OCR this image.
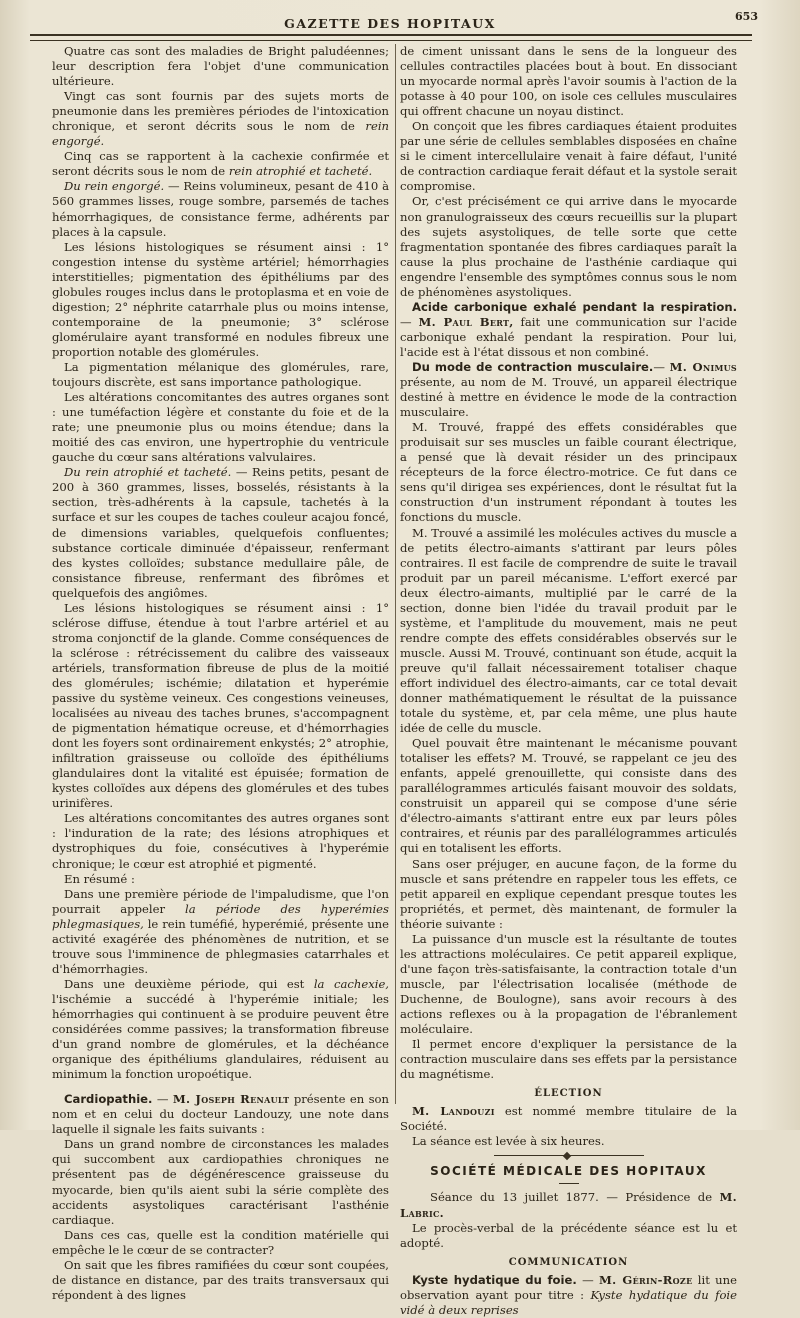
GAZETTE DES HOPITAUX	653

Quatre cas sont des maladies de Bright paludéennes; leur description fera l'objet d'une communication ultérieure.

Vingt cas sont fournis par des sujets morts de pneumonie dans les premières périodes de l'intoxication chronique, et seront décrits sous le nom de rein engorgé.

Cinq cas se rapportent à la cachexie confirmée et seront décrits sous le nom de rein atrophié et tacheté.

Du rein engorgé. — Reins volumineux, pesant de 410 à 560 grammes lisses, rouge sombre, parsemés de taches hémorrhagiques, de consistance ferme, adhérents par places à la capsule.

Les lésions histologiques se résument ainsi : 1° congestion intense du système artériel; hémorrhagies interstitielles; pigmentation des épithéliums par des globules rouges inclus dans le protoplasma et en voie de digestion; 2° néphrite catarrhale plus ou moins intense, contemporaine de la pneumonie; 3° sclérose glomérulaire ayant transformé en nodules fibreux une proportion notable des glomérules.

La pigmentation mélanique des glomérules, rare, toujours discrète, est sans importance pathologique.

Les altérations concomitantes des autres organes sont : une tuméfaction légère et constante du foie et de la rate; une pneumonie plus ou moins étendue; dans la moitié des cas environ, une hypertrophie du ventricule gauche du cœur sans altérations valvulaires.

Du rein atrophié et tacheté. — Reins petits, pesant de 200 à 360 grammes, lisses, bosselés, résistants à la section, très-adhérents à la capsule, tachetés à la surface et sur les coupes de taches couleur acajou foncé, de dimensions variables, quelquefois confluentes; substance corticale diminuée d'épaisseur, renfermant des kystes colloïdes; substance medullaire pâle, de consistance fibreuse, renfermant des fibrômes et quelquefois des angiômes.

Les lésions histologiques se résument ainsi : 1° sclérose diffuse, étendue à tout l'arbre artériel et au stroma conjonctif de la glande. Comme conséquences de la sclérose : rétrécissement du calibre des vaisseaux artériels, transformation fibreuse de plus de la moitié des glomérules; ischémie; dilatation et hyperémie passive du système veineux. Ces congestions veineuses, localisées au niveau des taches brunes, s'accompagnent de pigmentation hématique ocreuse, et d'hémorrhagies dont les foyers sont ordinairement enkystés; 2° atrophie, infiltration graisseuse ou colloïde des épithéliums glandulaires dont la vitalité est épuisée; formation de kystes colloïdes aux dépens des glomérules et des tubes urinifères.

Les altérations concomitantes des autres organes sont : l'induration de la rate; des lésions atrophiques et dystrophiques du foie, consécutives à l'hyperémie chronique; le cœur est atrophié et pigmenté.

En résumé :

Dans une première période de l'impaludisme, que l'on pourrait appeler la période des hyperémies phlegmasiques, le rein tuméfié, hyperémié, présente une activité exagérée des phénomènes de nutrition, et se trouve sous l'imminence de phlegmasies catarrhales et d'hémorrhagies.

Dans une deuxième période, qui est la cachexie, l'ischémie a succédé à l'hyperémie initiale; les hémorrhagies qui continuent à se produire peuvent être considérées comme passives; la transformation fibreuse d'un grand nombre de glomérules, et la déchéance organique des épithéliums glandulaires, réduisent au minimum la fonction uropoétique.

Cardiopathie. — M. Joseph Renault présente en son nom et en celui du docteur Landouzy, une note dans laquelle il signale les faits suivants :

Dans un grand nombre de circonstances les malades qui succombent aux cardiopathies chroniques ne présentent pas de dégénérescence graisseuse du myocarde, bien qu'ils aient subi la série complète des accidents asystoliques caractérisant l'asthénie cardiaque.

Dans ces cas, quelle est la condition matérielle qui empêche le le cœur de se contracter?

On sait que les fibres ramifiées du cœur sont coupées, de distance en distance, par des traits transversaux qui répondent à des lignes

de ciment unissant dans le sens de la longueur des cellules contractiles placées bout à bout. En dissociant un myocarde normal après l'avoir soumis à l'action de la potasse à 40 pour 100, on isole ces cellules musculaires qui offrent chacune un noyau distinct.

On conçoit que les fibres cardiaques étaient produites par une série de cellules semblables disposées en chaîne si le ciment intercellulaire venait à faire défaut, l'unité de contraction cardiaque ferait défaut et la systole serait compromise.

Or, c'est précisément ce qui arrive dans le myocarde non granulograisseux des cœurs recueillis sur la plupart des sujets asystoliques, de telle sorte que cette fragmentation spontanée des fibres cardiaques paraît la cause la plus prochaine de l'asthénie cardiaque qui engendre l'ensemble des symptômes connus sous le nom de phénomènes asystoliques.

Acide carbonique exhalé pendant la respiration. — M. Paul Bert, fait une communication sur l'acide carbonique exhalé pendant la respiration. Pour lui, l'acide est à l'état dissous et non combiné.

Du mode de contraction musculaire.— M. Onimus présente, au nom de M. Trouvé, un appareil électrique destiné à mettre en évidence le mode de la contraction musculaire.

M. Trouvé, frappé des effets considérables que produisait sur ses muscles un faible courant électrique, a pensé que là devait résider un des principaux récepteurs de la force électro-motrice. Ce fut dans ce sens qu'il dirigea ses expériences, dont le résultat fut la construction d'un instrument répondant à toutes les fonctions du muscle.

M. Trouvé a assimilé les molécules actives du muscle a de petits électro-aimants s'attirant par leurs pôles contraires. Il est facile de comprendre de suite le travail produit par un pareil mécanisme. L'effort exercé par deux électro-aimants, multiplié par le carré de la section, donne bien l'idée du travail produit par le système, et l'amplitude du mouvement, mais ne peut rendre compte des effets considérables observés sur le muscle. Aussi M. Trouvé, continuant son étude, acquit la preuve qu'il fallait nécessairement totaliser chaque effort individuel des électro-aimants, car ce total devait donner mathématiquement le résultat de la puissance totale du système, et, par cela même, une plus haute idée de celle du muscle.

Quel pouvait être maintenant le mécanisme pouvant totaliser les effets? M. Trouvé, se rappelant ce jeu des enfants, appelé grenouillette, qui consiste dans des parallélogrammes articulés faisant mouvoir des soldats, construisit un appareil qui se compose d'une série d'électro-aimants s'attirant entre eux par leurs pôles contraires, et réunis par des parallélogrammes articulés qui en totalisent les efforts.

Sans oser préjuger, en aucune façon, de la forme du muscle et sans prétendre en rappeler tous les effets, ce petit appareil en explique cependant presque toutes les propriétés, et permet, dès maintenant, de formuler la théorie suivante :

La puissance d'un muscle est la résultante de toutes les attractions moléculaires. Ce petit appareil explique, d'une façon très-satisfaisante, la contraction totale d'un muscle, par l'électrisation localisée (méthode de Duchenne, de Boulogne), sans avoir recours à des actions reflexes ou à la propagation de l'ébranlement moléculaire.

Il permet encore d'expliquer la persistance de la contraction musculaire dans ses effets par la persistance du magnétisme.

ÉLECTION

M. Landouzi est nommé membre titulaire de la Société.

La séance est levée à six heures.

SOCIÉTÉ MÉDICALE DES HOPITAUX

Séance du 13 juillet 1877. — Présidence de M. Labric.

Le procès-verbal de la précédente séance est lu et adopté.

COMMUNICATION

Kyste hydatique du foie. — M. Gérin-Roze lit une observation ayant pour titre : Kyste hydatique du foie vidé à deux reprises
